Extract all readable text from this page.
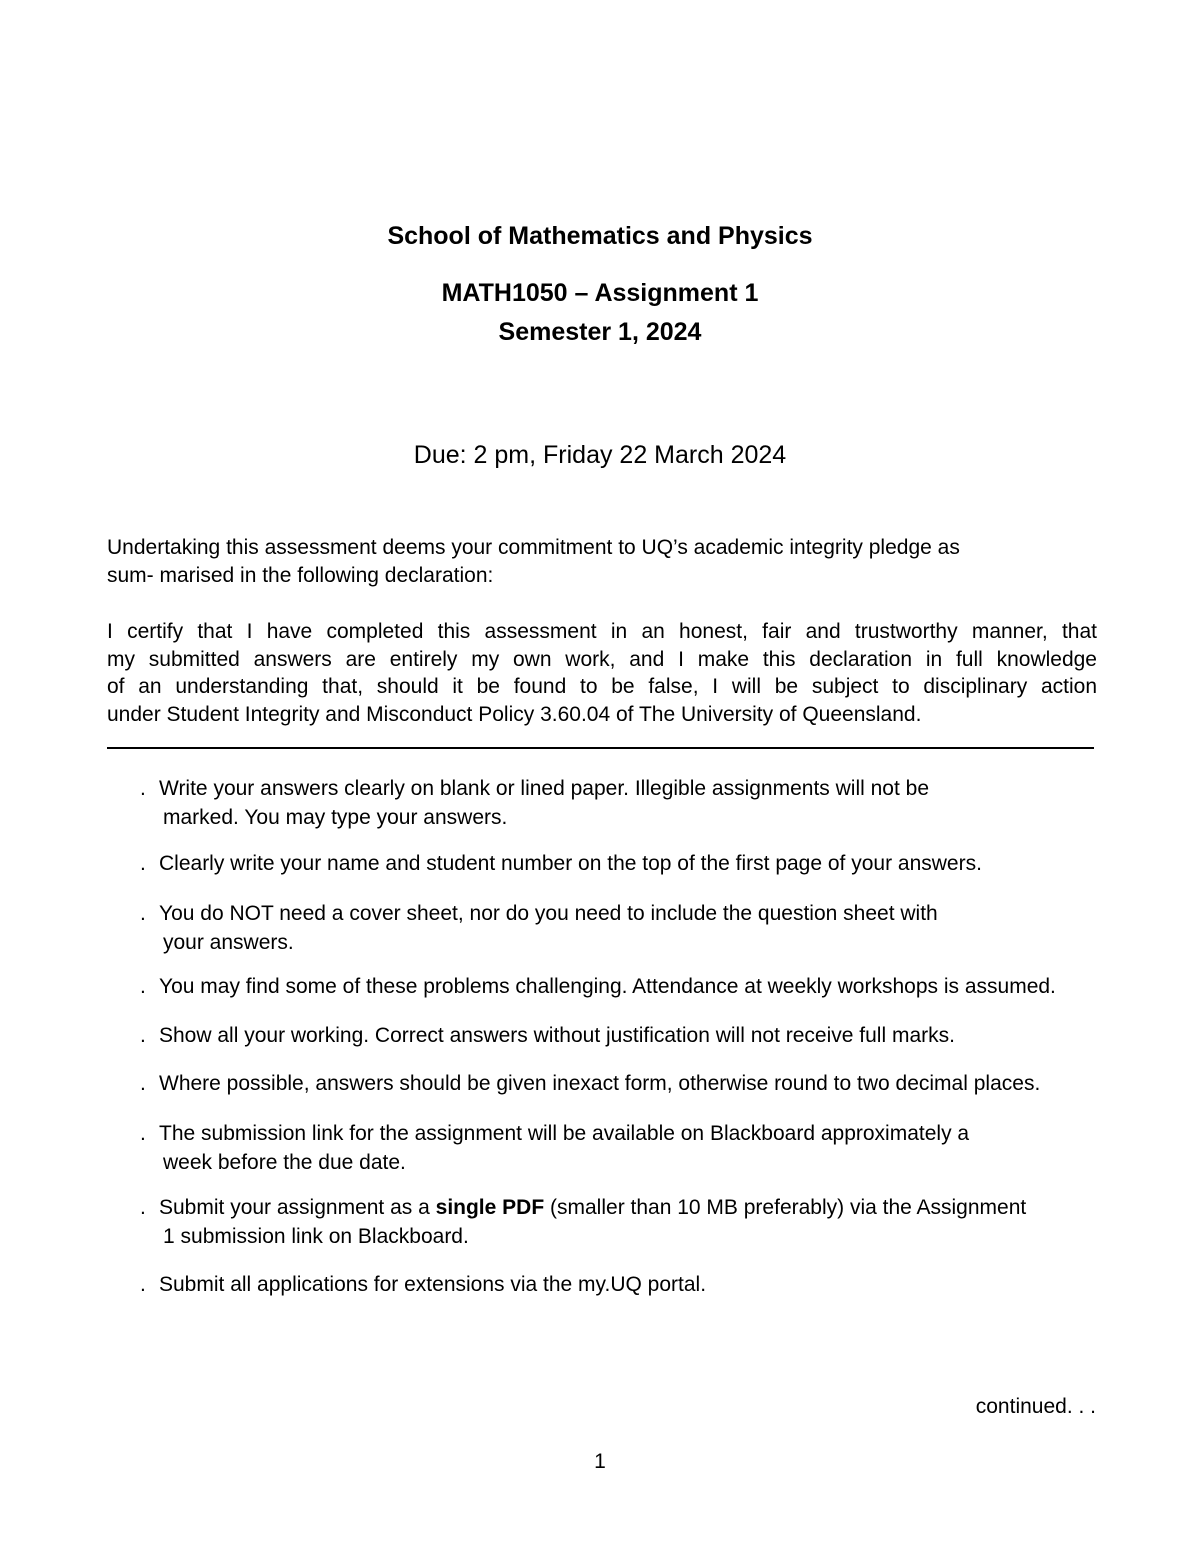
School of Mathematics and Physics
MATH1050 – Assignment 1
Semester 1, 2024
Due: 2 pm, Friday 22 March 2024
Undertaking this assessment deems your commitment to UQ’s academic integrity pledge as
sum- marised in the following declaration:
I certify that I have completed this assessment in an honest, fair and trustworthy manner, that
my submitted answers are entirely my own work, and I make this declaration in full knowledge
of an understanding that, should it be found to be false, I will be subject to disciplinary action
under Student Integrity and Misconduct Policy 3.60.04 of The University of Queensland.
. Write your answers clearly on blank or lined paper. Illegible assignments will not be
marked. You may type your answers.
. Clearly write your name and student number on the top of the first page of your answers.
. You do NOT need a cover sheet, nor do you need to include the question sheet with
your answers.
. You may find some of these problems challenging. Attendance at weekly workshops is assumed.
. Show all your working. Correct answers without justification will not receive full marks.
. Where possible, answers should be given inexact form, otherwise round to two decimal places.
. The submission link for the assignment will be available on Blackboard approximately a
week before the due date.
. Submit your assignment as a single PDF (smaller than 10 MB preferably) via the Assignment
1 submission link on Blackboard.
. Submit all applications for extensions via the my.UQ portal.
continued. . .
1
